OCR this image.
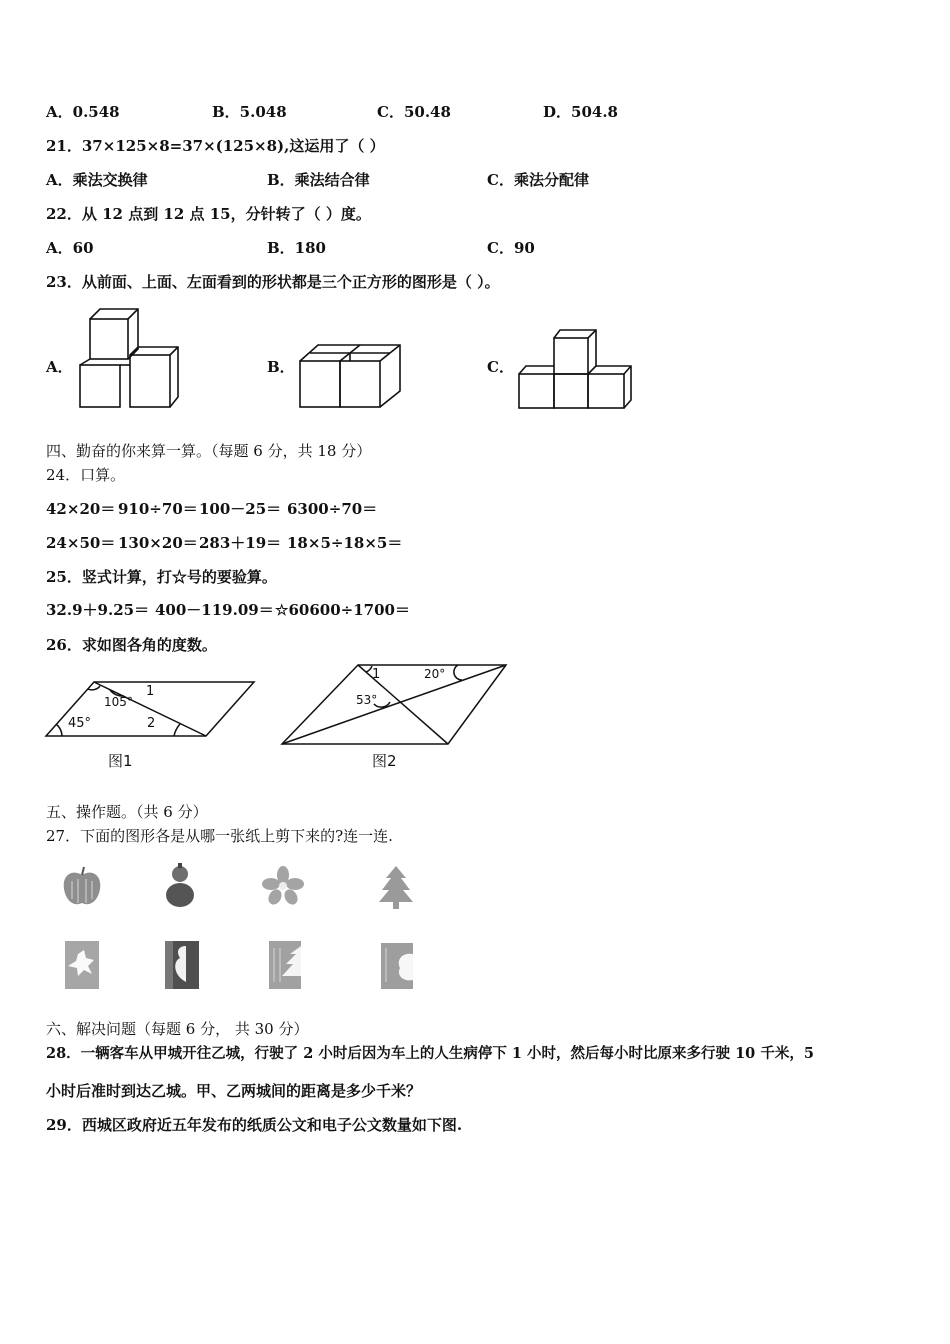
A．0.548	B．5.048	C．50.48	D．504.8
21．37×125×8=37×(125×8),这运用了（ ）
A．乘法交换律	B．乘法结合律	C．乘法分配律
22．从 12 点到 12 点 15，分针转了（ ）度。
A．60	B．180	C．90
23．从前面、上面、左面看到的形状都是三个正方形的图形是（ ）。
A．	B．	C．
四、勤奋的你来算一算。（每题 6 分，共 18 分）
24．口算。
42×20＝ 910÷70＝ 100－25＝ 6300÷70＝
24×50＝ 130×20＝ 283＋19＝ 18×5÷18×5＝
25．竖式计算，打☆号的要验算。
32.9＋9.25＝ 400－119.09＝ ☆60600÷1700＝
26．求如图各角的度数。
105°
45°
1
2
图1
1	20°
53°
图2
五、操作题。（共 6 分）
27．下面的图形各是从哪一张纸上剪下来的?连一连.
六、解决问题（每题 6 分， 共 30 分）
28．一辆客车从甲城开往乙城，行驶了 2 小时后因为车上的人生病停下 1 小时，然后每小时比原来多行驶 10 千米，5
小时后准时到达乙城。甲、乙两城间的距离是多少千米？
29．西城区政府近五年发布的纸质公文和电子公文数量如下图.
